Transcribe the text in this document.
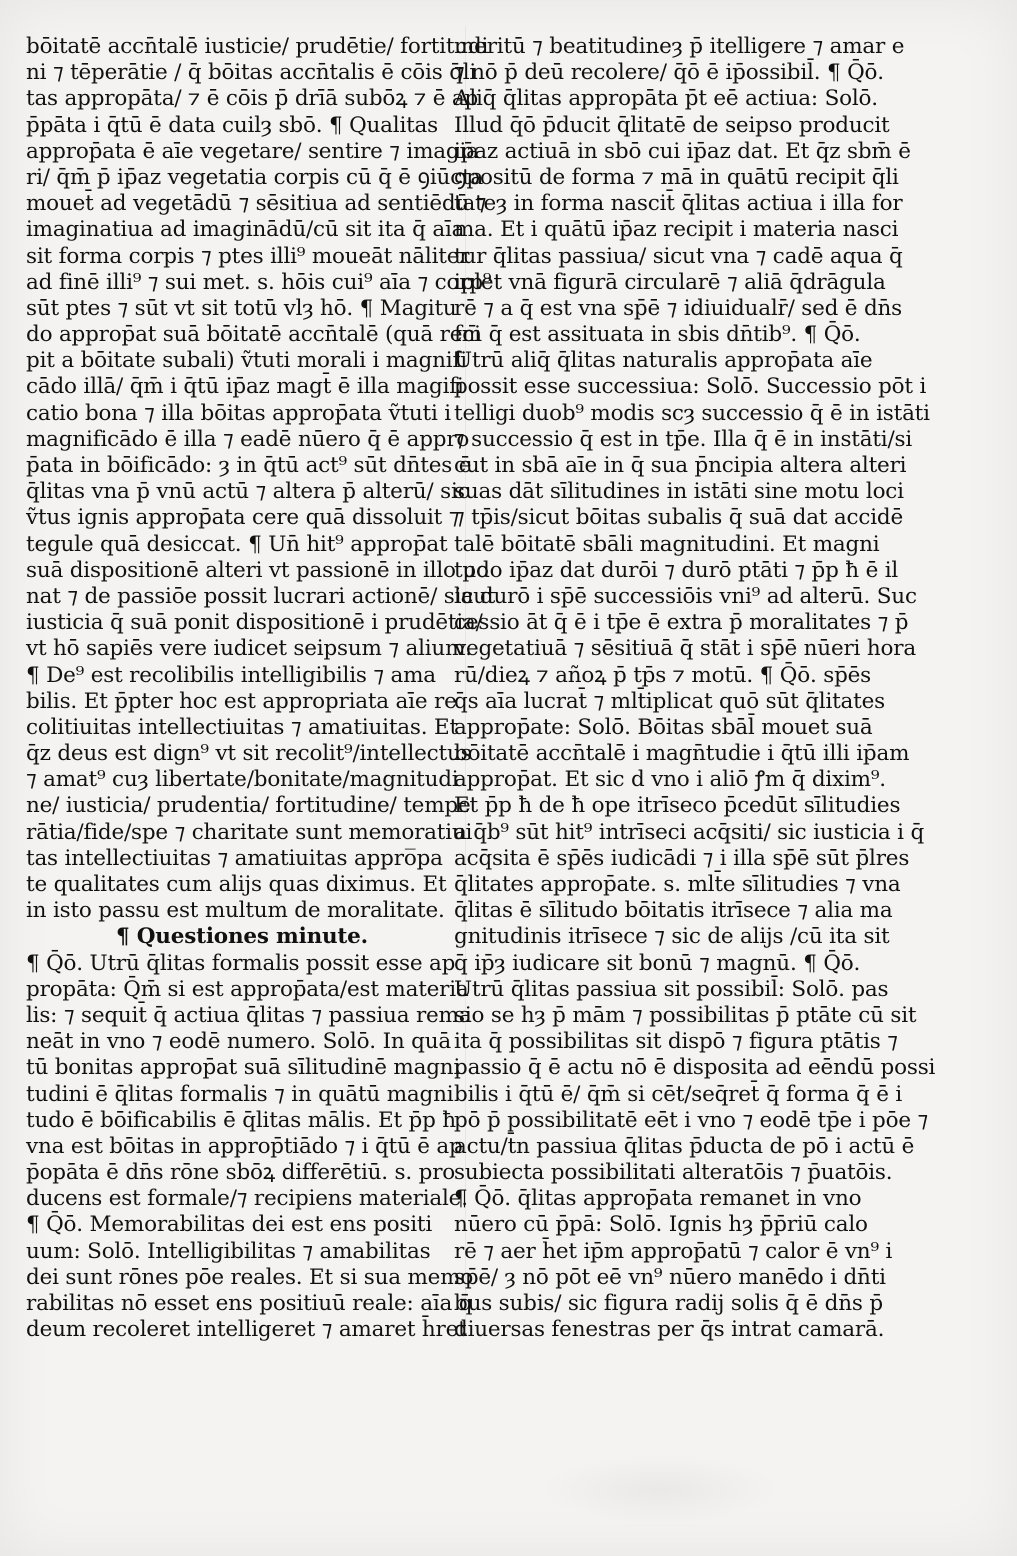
bōitatē accn̄talē iusticie/ prudētie/ fortitudi
ni ⁊ tēperātie / q̄ bōitas accn̄talis ē cōis q̄li
tas appropāta/ ⁊ ē cōis p̄ drīā subōꝝ ⁊ ē ap
p̄pāta i q̄tū ē data cuilȝ sbō. ¶ Qualitas
approp̄ata ē aīe vegetare/ sentire ⁊ imagia
ri/ q̄m̄ p̄ ip̄az vegetatia corpis cū q̄ ē ꝯiūcta
mouet̄ ad vegetādū ⁊ sēsitiua ad sentiēdū ⁊
imaginatiua ad imaginādū/cū sit ita q̄ aīa
sit forma corpis ⁊ ptes illi⁹ moueāt nāliter
ad finē illi⁹ ⁊ sui met. s. hōis cui⁹ aīa ⁊ corp⁹
sūt ptes ⁊ sūt vt sit totū vlȝ hō. ¶ Magitu
do approp̄at suā bōitatē accn̄talē (quā reci
pit a bōitate subali) ṽtuti morali i magnifi
cādo illā/ q̄m̄ i q̄tū ip̄az magt̄ ē illa magifi
catio bona ⁊ illa bōitas approp̄ata ṽtuti i
magnificādo ē illa ⁊ eadē nūero q̄ ē appro
p̄ata in bōificādo: ȝ in q̄tū act⁹ sūt dn̄tes ē
q̄litas vna p̄ vnū actū ⁊ altera p̄ alterū/ sic
ṽtus ignis approp̄ata cere quā dissoluit ⁊
tegule quā desiccat. ¶ Un̄ hit⁹ approp̄at
suā dispositionē alteri vt passionē in illo po
nat ⁊ de passiōe possit lucrari actionē/ sicut
iusticia q̄ suā ponit dispositionē i prudētia/
vt hō sapiēs vere iudicet seipsum ⁊ alium.
¶ De⁹ est recolibilis intelligibilis ⁊ ama
bilis. Et p̄pter hoc est appropriata aīe re
colitiuitas intellectiuitas ⁊ amatiuitas. Et
q̄z deus est dign⁹ vt sit recolit⁹/intellectus
⁊ amat⁹ cuȝ libertate/bonitate/magnitudi
ne/ iusticia/ prudentia/ fortitudine/ tempe
rātia/fide/spe ⁊ charitate sunt memoratiui
tas intellectiuitas ⁊ amatiuitas appro̅pa
te qualitates cum alijs quas diximus. Et
in isto passu est multum de moralitate.
¶ Questiones minute.
¶ Q̄ō. Utrū q̄litas formalis possit esse ap
propāta: Q̄m̄ si est approp̄ata/est materia
lis: ⁊ sequit̄ q̄ actiua q̄litas ⁊ passiua rema
neāt in vno ⁊ eodē numero. Solō. In quā
tū bonitas approp̄at suā sīlitudinē magni
tudini ē q̄litas formalis ⁊ in quātū magni
tudo ē bōificabilis ē q̄litas mālis. Et p̄p ħ
vna est bōitas in approp̄tiādo ⁊ i q̄tū ē ap
p̄opāta ē dn̄s rōne sbōꝝ differētiū. s. pro
ducens est formale/⁊ recipiens materiale.
¶ Q̄ō. Memorabilitas dei est ens positi
uum: Solō. Intelligibilitas ⁊ amabilitas
dei sunt rōnes pōe reales. Et si sua memo
rabilitas nō esset ens positiuū reale: aīa q̄
deum recoleret intelligeret ⁊ amaret h̄ret
meritū ⁊ beatitudineȝ p̄ itelligere ⁊ amar e
⁊ nō p̄ deū recolere/ q̄ō ē ip̄ossibil̄. ¶ Q̄ō.
Aliq̄ q̄litas appropāta p̄t eē actiua: Solō.
Illud q̄ō p̄ducit q̄litatē de seipso producit
ip̄az actiuā in sbō cui ip̄az dat. Et q̄z sbm̄ ē
ꝯpositū de forma ⁊ mā in quātū recipit q̄li
tateȝ in forma nascit̄ q̄litas actiua i illa for
ma. Et i quātū ip̄az recipit i materia nasci
tur q̄litas passiua/ sicut vna ⁊ cadē aqua q̄
iplet vnā figurā circularē ⁊ aliā q̄drāgula
rē ⁊ a q̄ est vna sp̄ē ⁊ idiuidualr̄/ sed ē dn̄s
fm̄ q̄ est assituata in sbis dn̄tib⁹. ¶ Q̄ō.
Utrū aliq̄ q̄litas naturalis approp̄ata aīe
possit esse successiua: Solō. Successio pōt i
telligi duob⁹ modis scȝ successio q̄ ē in istāti
⁊ successio q̄ est in tp̄e. Illa q̄ ē in instāti/si
cut in sbā aīe in q̄ sua p̄ncipia altera alteri
suas dāt sīlitudines in istāti sine motu loci
⁊ tp̄is/sicut bōitas subalis q̄ suā dat accidē
talē bōitatē sbāli magnitudini. Et magni
tudo ip̄az dat durōi ⁊ durō ptāti ⁊ p̄p ħ ē il
la durō i sp̄ē successiōis vni⁹ ad alterū. Suc
cessio āt q̄ ē i tp̄e ē extra p̄ moralitates ⁊ p̄
vegetatiuā ⁊ sēsitiuā q̄ stāt i sp̄ē nūeri hora
rū/dieꝝ ⁊ añoꝝ p̄ tp̄s ⁊ motū. ¶ Q̄ō. sp̄ēs
q̄s aīa lucrat̄ ⁊ mlt̄iplicat quō sūt q̄litates
approp̄ate: Solō. Bōitas sbāl̄ mouet suā
bōitatē accn̄talē i magn̄tudie i q̄tū illi ip̄am
approp̄at. Et sic d vno i aliō ꝭm q̄ dixim⁹.
Et p̄p ħ de ħ ope itrīseco p̄cedūt sīlitudies
a q̄b⁹ sūt hit⁹ intrīseci acq̄siti/ sic iusticia i q̄
acq̄sita ē sp̄ēs iudicādi ⁊ i illa sp̄ē sūt p̄lres
q̄litates approp̄ate. s. mlt̄e sīlitudies ⁊ vna
q̄litas ē sīlitudo bōitatis itrīsece ⁊ alia ma
gnitudinis itrīsece ⁊ sic de alijs /cū ita sit
q̄ ip̄ȝ iudicare sit bonū ⁊ magnū. ¶ Q̄ō.
Utrū q̄litas passiua sit possibil̄: Solō. pas
sio se hȝ p̄ mām ⁊ possibilitas p̄ ptāte cū sit
ita q̄ possibilitas sit dispō ⁊ figura ptātis ⁊
passio q̄ ē actu nō ē disposita ad eēndū possi
bilis i q̄tū ē/ q̄m̄ si cēt/seq̄ret̄ q̄ forma q̄ ē i
pō p̄ possibilitatē eēt i vno ⁊ eodē tp̄e i pōe ⁊
actu/t̄n passiua q̄litas p̄ducta de pō i actū ē
subiecta possibilitati alteratōis ⁊ p̄uatōis.
¶ Q̄ō. q̄litas approp̄ata remanet in vno
nūero cū p̄pā: Solō. Ignis hȝ p̄p̄riū calo
rē ⁊ aer h̄et ip̄m approp̄atū ⁊ calor ē vn⁹ i
sp̄ē/ ȝ nō pōt eē vn⁹ nūero manēdo i dn̄ti
bus subis/ sic figura radij solis q̄ ē dn̄s p̄
diuersas fenestras per q̄s intrat camarā.
